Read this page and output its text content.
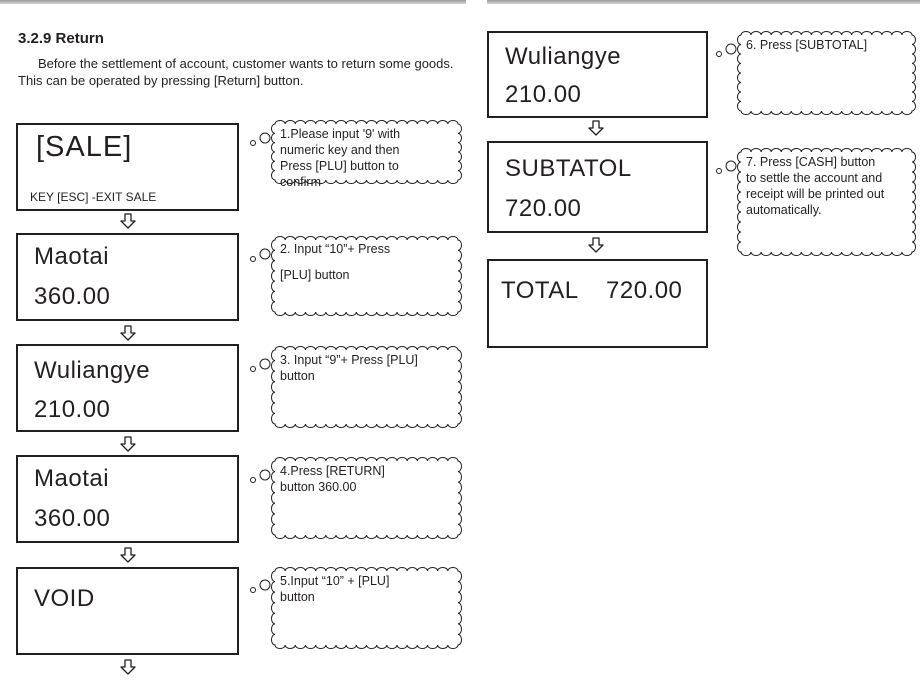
3.2.9 Return

Before the settlement of account, customer wants to return some goods. This can be operated by pressing [Return] button.

[SALE]
KEY [ESC] -EXIT SALE
Maotai
360.00
Wuliangye
210.00
Maotai
360.00
VOID
Wuliangye
210.00
SUBTATOL
720.00
TOTAL 720.00
1.Please input '9' with
numeric key and then
Press [PLU] button to
confirm
2. Input “10”+ Press
[PLU] button
3. Input “9”+ Press [PLU]
button
4.Press [RETURN]
button 360.00
5.Input “10” + [PLU]
button
6. Press [SUBTOTAL]
7. Press [CASH] button
to settle the account and
receipt will be printed out
automatically.
